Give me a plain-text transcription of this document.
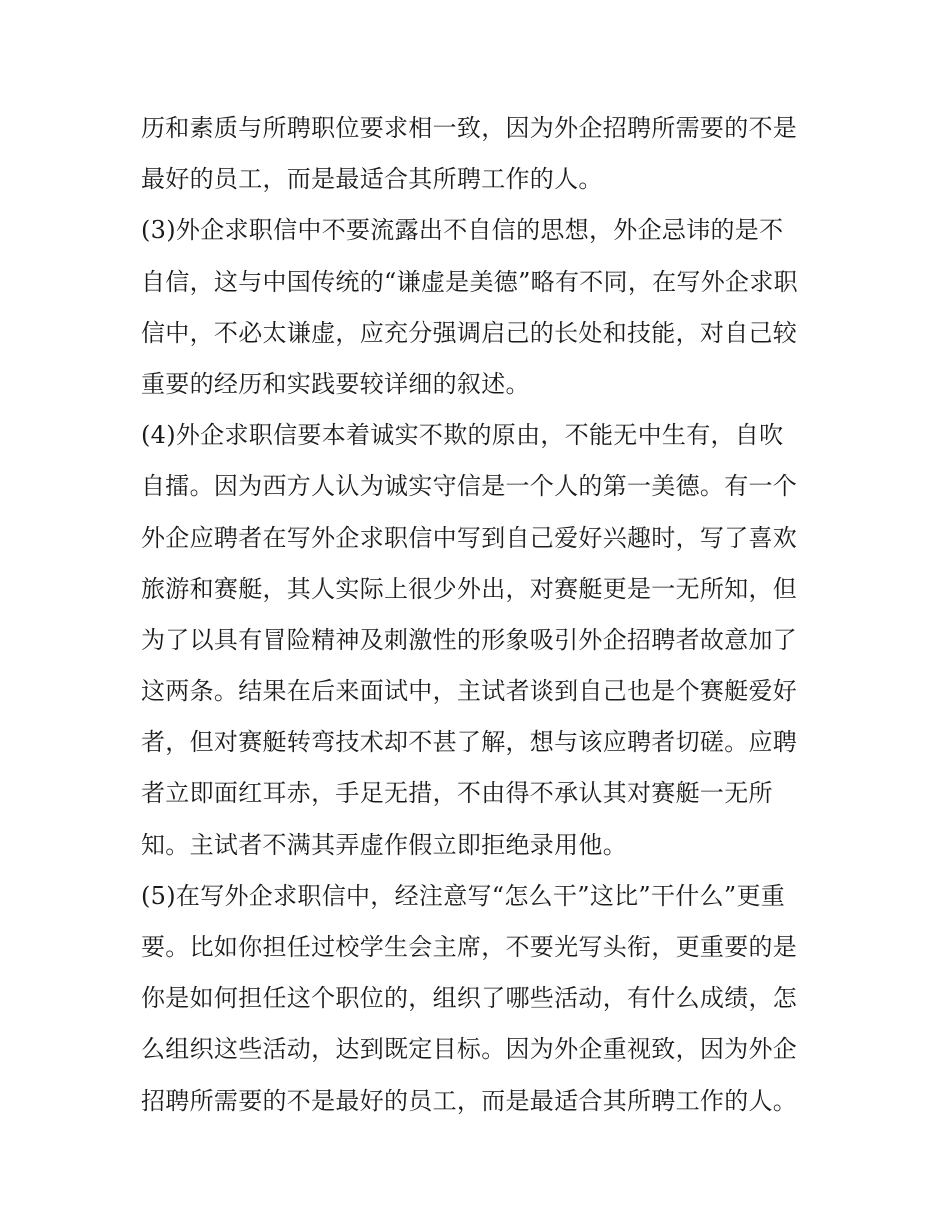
历和素质与所聘职位要求相一致，因为外企招聘所需要的不是
最好的员工，而是最适合其所聘工作的人。
(3)外企求职信中不要流露出不自信的思想，外企忌讳的是不
自信，这与中国传统的“谦虚是美德”略有不同，在写外企求职
信中，不必太谦虚，应充分强调启己的长处和技能，对自己较
重要的经历和实践要较详细的叙述。
(4)外企求职信要本着诚实不欺的原由，不能无中生有，自吹
自擂。因为西方人认为诚实守信是一个人的第一美德。有一个
外企应聘者在写外企求职信中写到自己爱好兴趣时，写了喜欢
旅游和赛艇，其人实际上很少外出，对赛艇更是一无所知，但
为了以具有冒险精神及刺激性的形象吸引外企招聘者故意加了
这两条。结果在后来面试中，主试者谈到自己也是个赛艇爱好
者，但对赛艇转弯技术却不甚了解，想与该应聘者切磋。应聘
者立即面红耳赤，手足无措，不由得不承认其对赛艇一无所
知。主试者不满其弄虚作假立即拒绝录用他。
(5)在写外企求职信中，经注意写“怎么干”这比”干什么”更重
要。比如你担任过校学生会主席，不要光写头衔，更重要的是
你是如何担任这个职位的，组织了哪些活动，有什么成绩，怎
么组织这些活动，达到既定目标。因为外企重视致，因为外企
招聘所需要的不是最好的员工，而是最适合其所聘工作的人。
